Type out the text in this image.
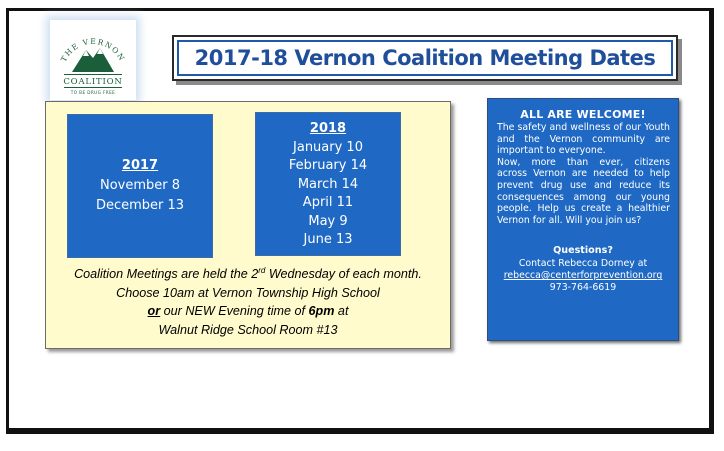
THE VERNON
COALITION
TO BE DRUG FREE
2017-18 Vernon Coalition Meeting Dates
2017
November 8
December 13
2018
January 10
February 14
March 14
April 11
May 9
June 13
Coalition Meetings are held the 2rd Wednesday of each month.
Choose 10am at Vernon Township High School
or our NEW Evening time of 6pm at
Walnut Ridge School Room #13
ALL ARE WELCOME!

The safety and wellness of our Youth and the Vernon community are important to everyone.

Now, more than ever, citizens across Vernon are needed to help prevent drug use and reduce its consequences among our young people. Help us create a healthier Vernon for all. Will you join us?

Questions?
Contact Rebecca Dorney at
rebecca@centerforprevention.org
973-764-6619
